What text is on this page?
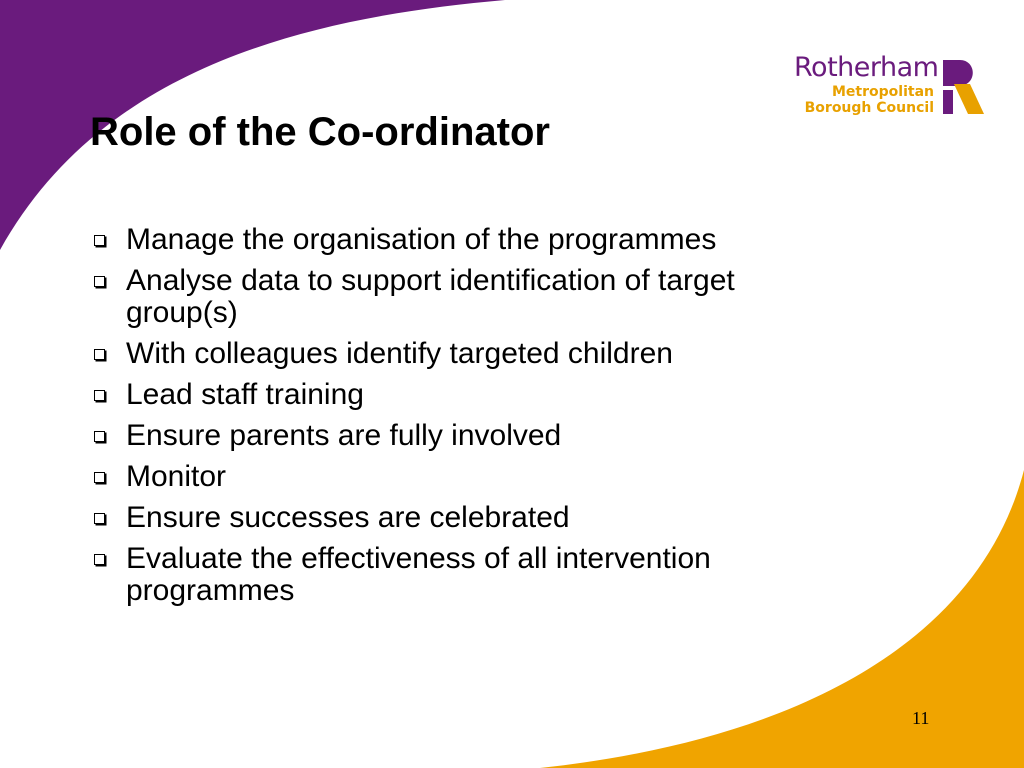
Rotherham
Metropolitan
Borough Council
Role of the Co-ordinator
Manage the organisation of the programmes
Analyse data to support identification of target group(s)
With colleagues identify targeted children
Lead staff training
Ensure parents are fully involved
Monitor
Ensure successes are celebrated
Evaluate the effectiveness of all intervention programmes
11
